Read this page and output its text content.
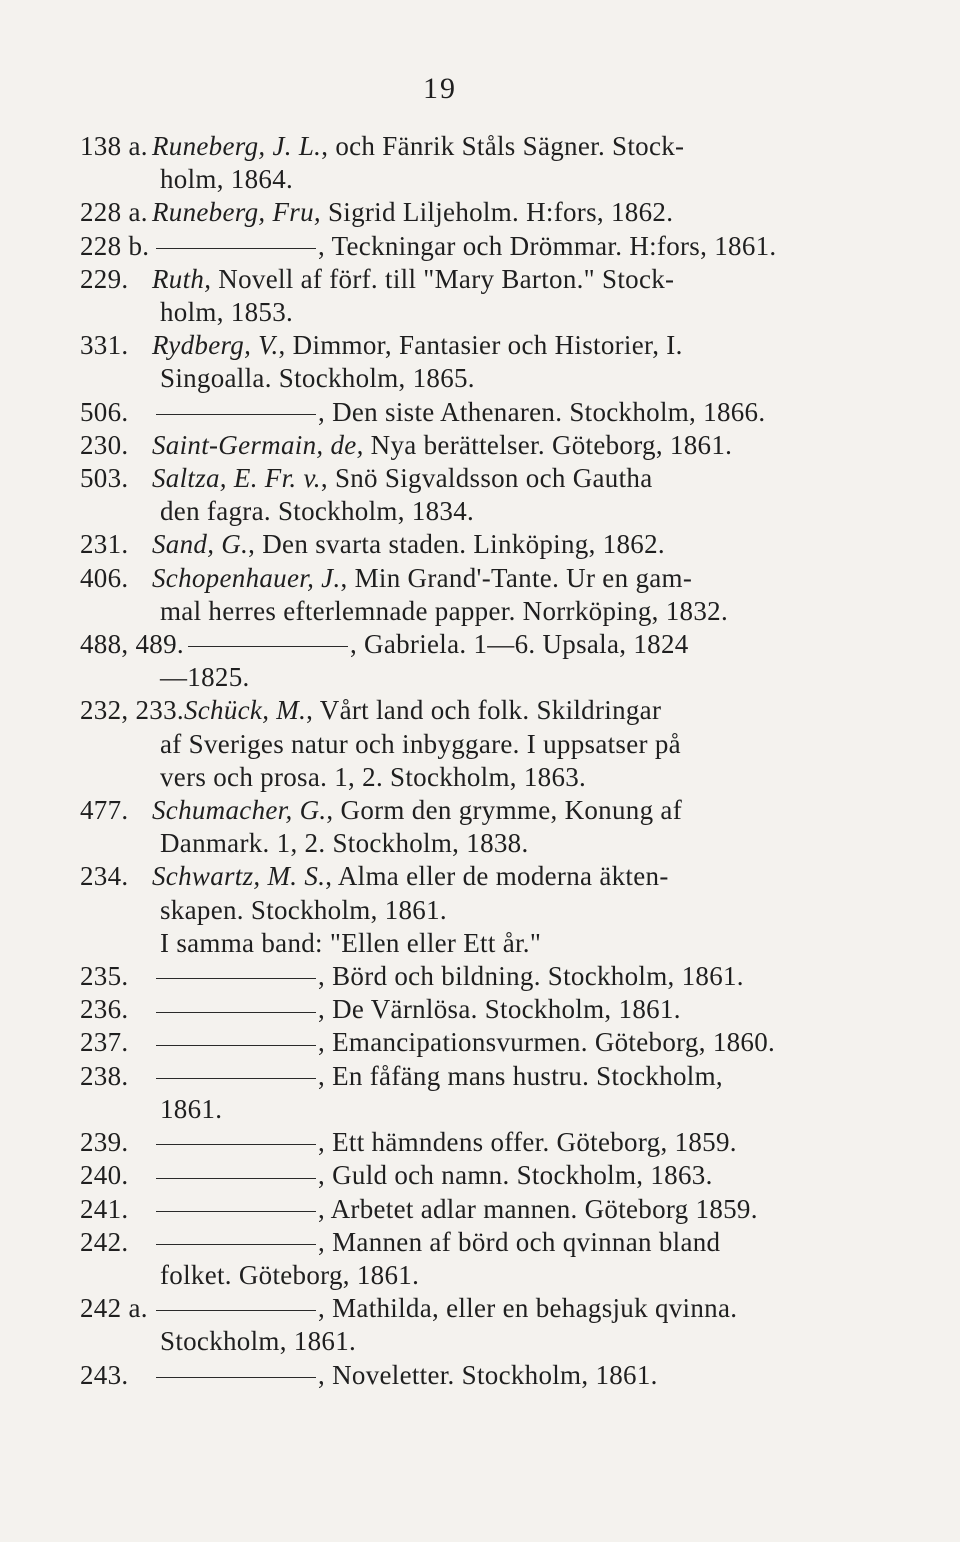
19
138 a. Runeberg, J. L., och Fänrik Ståls Sägner. Stock-
holm, 1864.
228 a. Runeberg, Fru, Sigrid Liljeholm. H:fors, 1862.
228 b.	, Teckningar och Drömmar. H:fors, 1861.
229. Ruth, Novell af förf. till "Mary Barton." Stock-
holm, 1853.
331. Rydberg, V., Dimmor, Fantasier och Historier, I.
Singoalla. Stockholm, 1865.
506.	, Den siste Athenaren. Stockholm, 1866.
230. Saint-Germain, de, Nya berättelser. Göteborg, 1861.
503. Saltza, E. Fr. v., Snö Sigvaldsson och Gautha
den fagra. Stockholm, 1834.
231. Sand, G., Den svarta staden. Linköping, 1862.
406. Schopenhauer, J., Min Grand'-Tante. Ur en gam-
mal herres efterlemnade papper. Norrköping, 1832.
488, 489.	, Gabriela. 1—6. Upsala, 1824
—1825.
232, 233.Schück, M., Vårt land och folk. Skildringar
af Sveriges natur och inbyggare. I uppsatser på
vers och prosa. 1, 2. Stockholm, 1863.
477. Schumacher, G., Gorm den grymme, Konung af
Danmark. 1, 2. Stockholm, 1838.
234. Schwartz, M. S., Alma eller de moderna äkten-
skapen. Stockholm, 1861.
I samma band: "Ellen eller Ett år."
235.	, Börd och bildning. Stockholm, 1861.
236.	, De Värnlösa. Stockholm, 1861.
237.	, Emancipationsvurmen. Göteborg, 1860.
238.	, En fåfäng mans hustru. Stockholm,
1861.
239.	, Ett hämndens offer. Göteborg, 1859.
240.	, Guld och namn. Stockholm, 1863.
241.	, Arbetet adlar mannen. Göteborg 1859.
242.	, Mannen af börd och qvinnan bland
folket. Göteborg, 1861.
242 a.	, Mathilda, eller en behagsjuk qvinna.
Stockholm, 1861.
243.	, Noveletter. Stockholm, 1861.
